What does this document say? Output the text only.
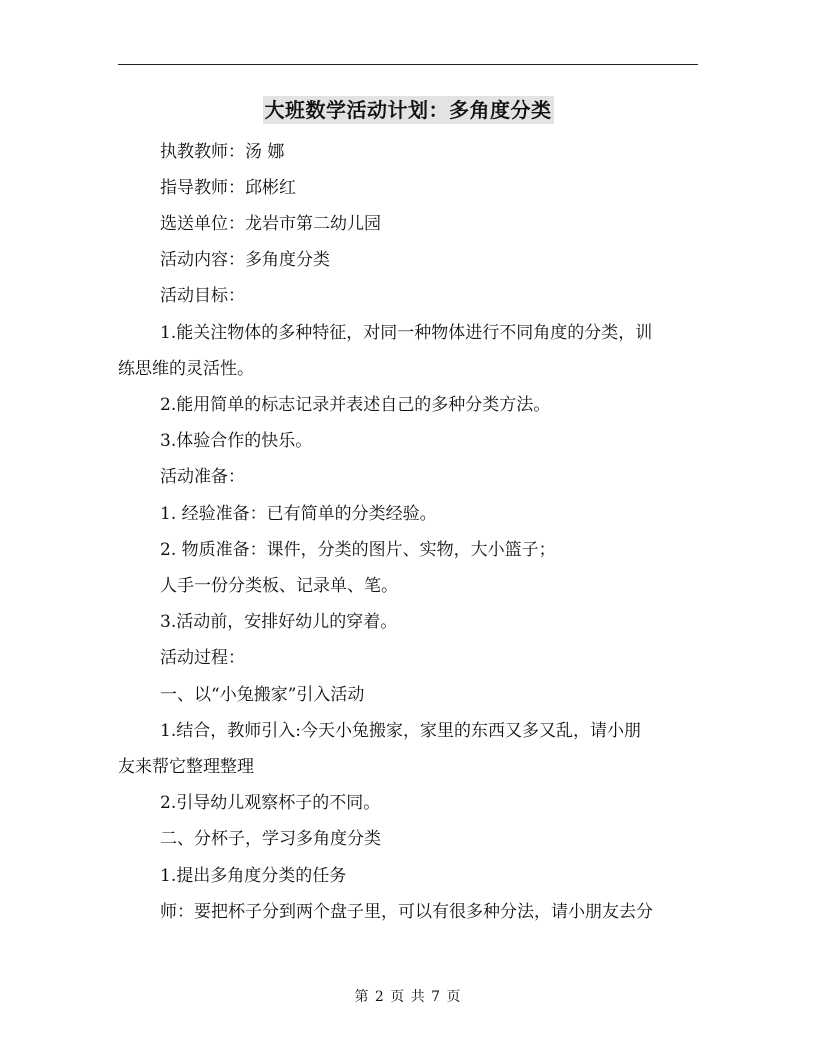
大班数学活动计划：多角度分类
执教教师：汤 娜
指导教师：邱彬红
选送单位：龙岩市第二幼儿园
活动内容：多角度分类
活动目标：
1.能关注物体的多种特征，对同一种物体进行不同角度的分类，训
练思维的灵活性。
2.能用简单的标志记录并表述自己的多种分类方法。
3.体验合作的快乐。
活动准备：
1. 经验准备：已有简单的分类经验。
2. 物质准备：课件，分类的图片、实物，大小篮子；
人手一份分类板、记录单、笔。
3.活动前，安排好幼儿的穿着。
活动过程：
一、以“小兔搬家”引入活动
1.结合，教师引入:今天小兔搬家，家里的东西又多又乱，请小朋
友来帮它整理整理
2.引导幼儿观察杯子的不同。
二、分杯子，学习多角度分类
1.提出多角度分类的任务
师：要把杯子分到两个盘子里，可以有很多种分法，请小朋友去分
第 2 页 共 7 页
